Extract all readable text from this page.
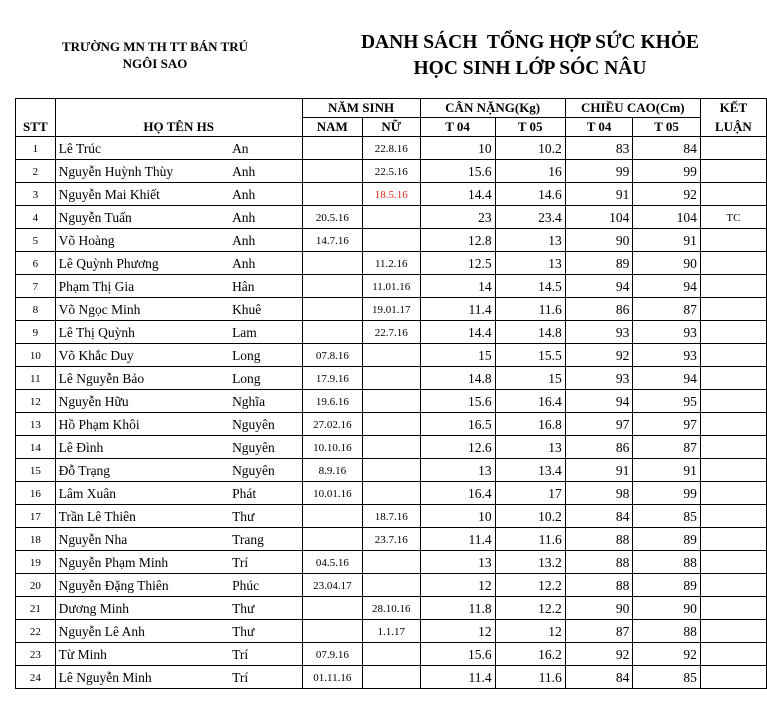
TRƯỜNG MN TH TT BÁN TRÚ
NGÔI SAO
DANH SÁCH  TỔNG HỢP SỨC KHỎE
HỌC SINH LỚP SÓC NÂU
			NĂM SINH		CÂN NẶNG(Kg)		CHIỀU CAO(Cm)		KẾT
STT	HỌ TÊN HS		NAM	NỮ	T 04	T 05	T 04	T 05	LUẬN
1	Lê Trúc	An		22.8.16	10	10.2	83	84	
2	Nguyễn Huỳnh Thùy	Anh		22.5.16	15.6	16	99	99	
3	Nguyễn Mai Khiết	Anh		18.5.16	14.4	14.6	91	92	
4	Nguyễn Tuấn	Anh	20.5.16		23	23.4	104	104	TC
5	Võ Hoàng	Anh	14.7.16		12.8	13	90	91	
6	Lê Quỳnh Phương	Anh		11.2.16	12.5	13	89	90	
7	Phạm Thị Gia	Hân		11.01.16	14	14.5	94	94	
8	Võ Ngọc Minh	Khuê		19.01.17	11.4	11.6	86	87	
9	Lê Thị Quỳnh	Lam		22.7.16	14.4	14.8	93	93	
10	Võ Khắc Duy	Long	07.8.16		15	15.5	92	93	
11	Lê Nguyễn Bảo	Long	17.9.16		14.8	15	93	94	
12	Nguyễn Hữu	Nghĩa	19.6.16		15.6	16.4	94	95	
13	Hồ Phạm Khôi	Nguyên	27.02.16		16.5	16.8	97	97	
14	Lê Đình	Nguyên	10.10.16		12.6	13	86	87	
15	Đỗ Trạng	Nguyên	8.9.16		13	13.4	91	91	
16	Lâm Xuân	Phát	10.01.16		16.4	17	98	99	
17	Trần Lê Thiên	Thư		18.7.16	10	10.2	84	85	
18	Nguyễn Nha	Trang		23.7.16	11.4	11.6	88	89	
19	Nguyễn Phạm Minh	Trí	04.5.16		13	13.2	88	88	
20	Nguyễn Đặng Thiên	Phúc	23.04.17		12	12.2	88	89	
21	Dương Minh	Thư		28.10.16	11.8	12.2	90	90	
22	Nguyễn Lê Anh	Thư		1.1.17	12	12	87	88	
23	Từ Minh	Trí	07.9.16		15.6	16.2	92	92	
24	Lê Nguyễn Minh	Trí	01.11.16		11.4	11.6	84	85	
